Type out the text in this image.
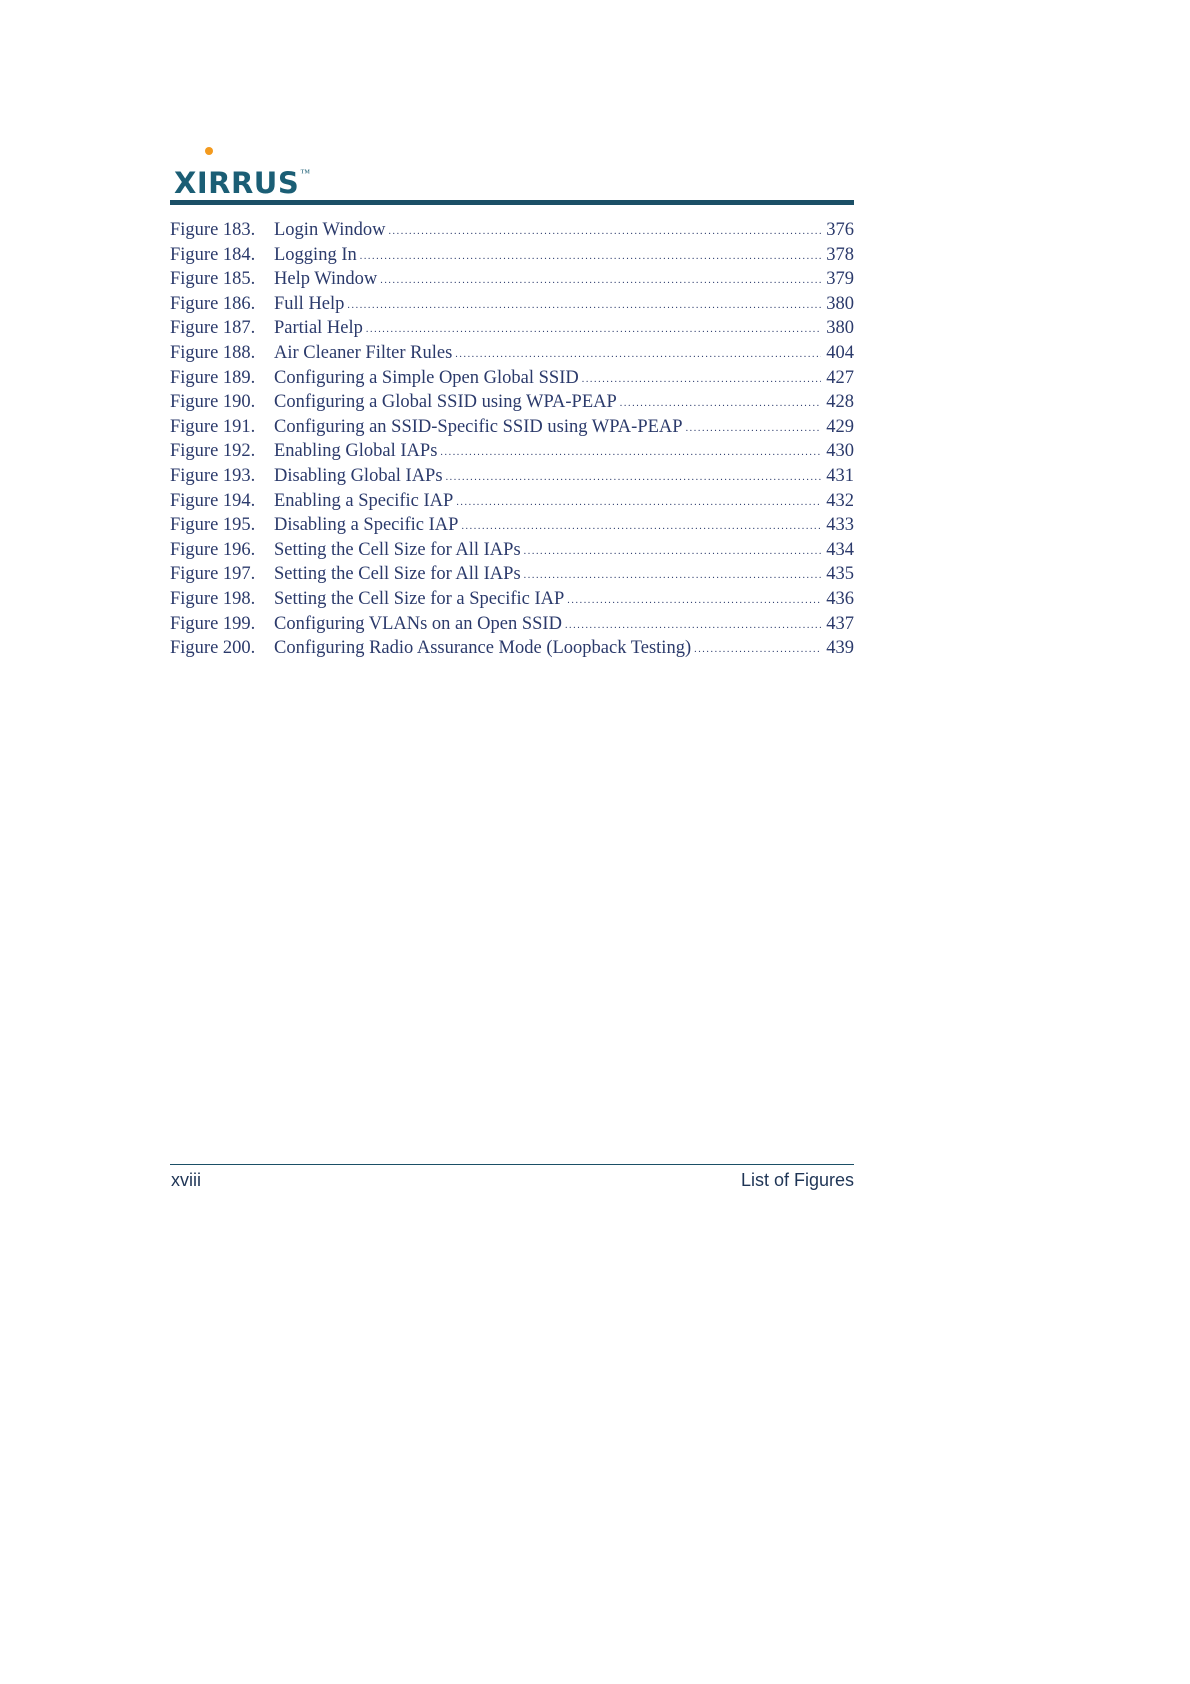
XIRRUS ™
Figure 183.	Login Window .....	376
Figure 184.	Logging In .....	378
Figure 185.	Help Window .....	379
Figure 186.	Full Help .....	380
Figure 187.	Partial Help .....	380
Figure 188.	Air Cleaner Filter Rules .....	404
Figure 189.	Configuring a Simple Open Global SSID .....	427
Figure 190.	Configuring a Global SSID using WPA-PEAP .....	428
Figure 191.	Configuring an SSID-Specific SSID using WPA-PEAP .....	429
Figure 192.	Enabling Global IAPs .....	430
Figure 193.	Disabling Global IAPs .....	431
Figure 194.	Enabling a Specific IAP .....	432
Figure 195.	Disabling a Specific IAP .....	433
Figure 196.	Setting the Cell Size for All IAPs .....	434
Figure 197.	Setting the Cell Size for All IAPs .....	435
Figure 198.	Setting the Cell Size for a Specific IAP .....	436
Figure 199.	Configuring VLANs on an Open SSID .....	437
Figure 200.	Configuring Radio Assurance Mode (Loopback Testing) .....	439
xviii	List of Figures
